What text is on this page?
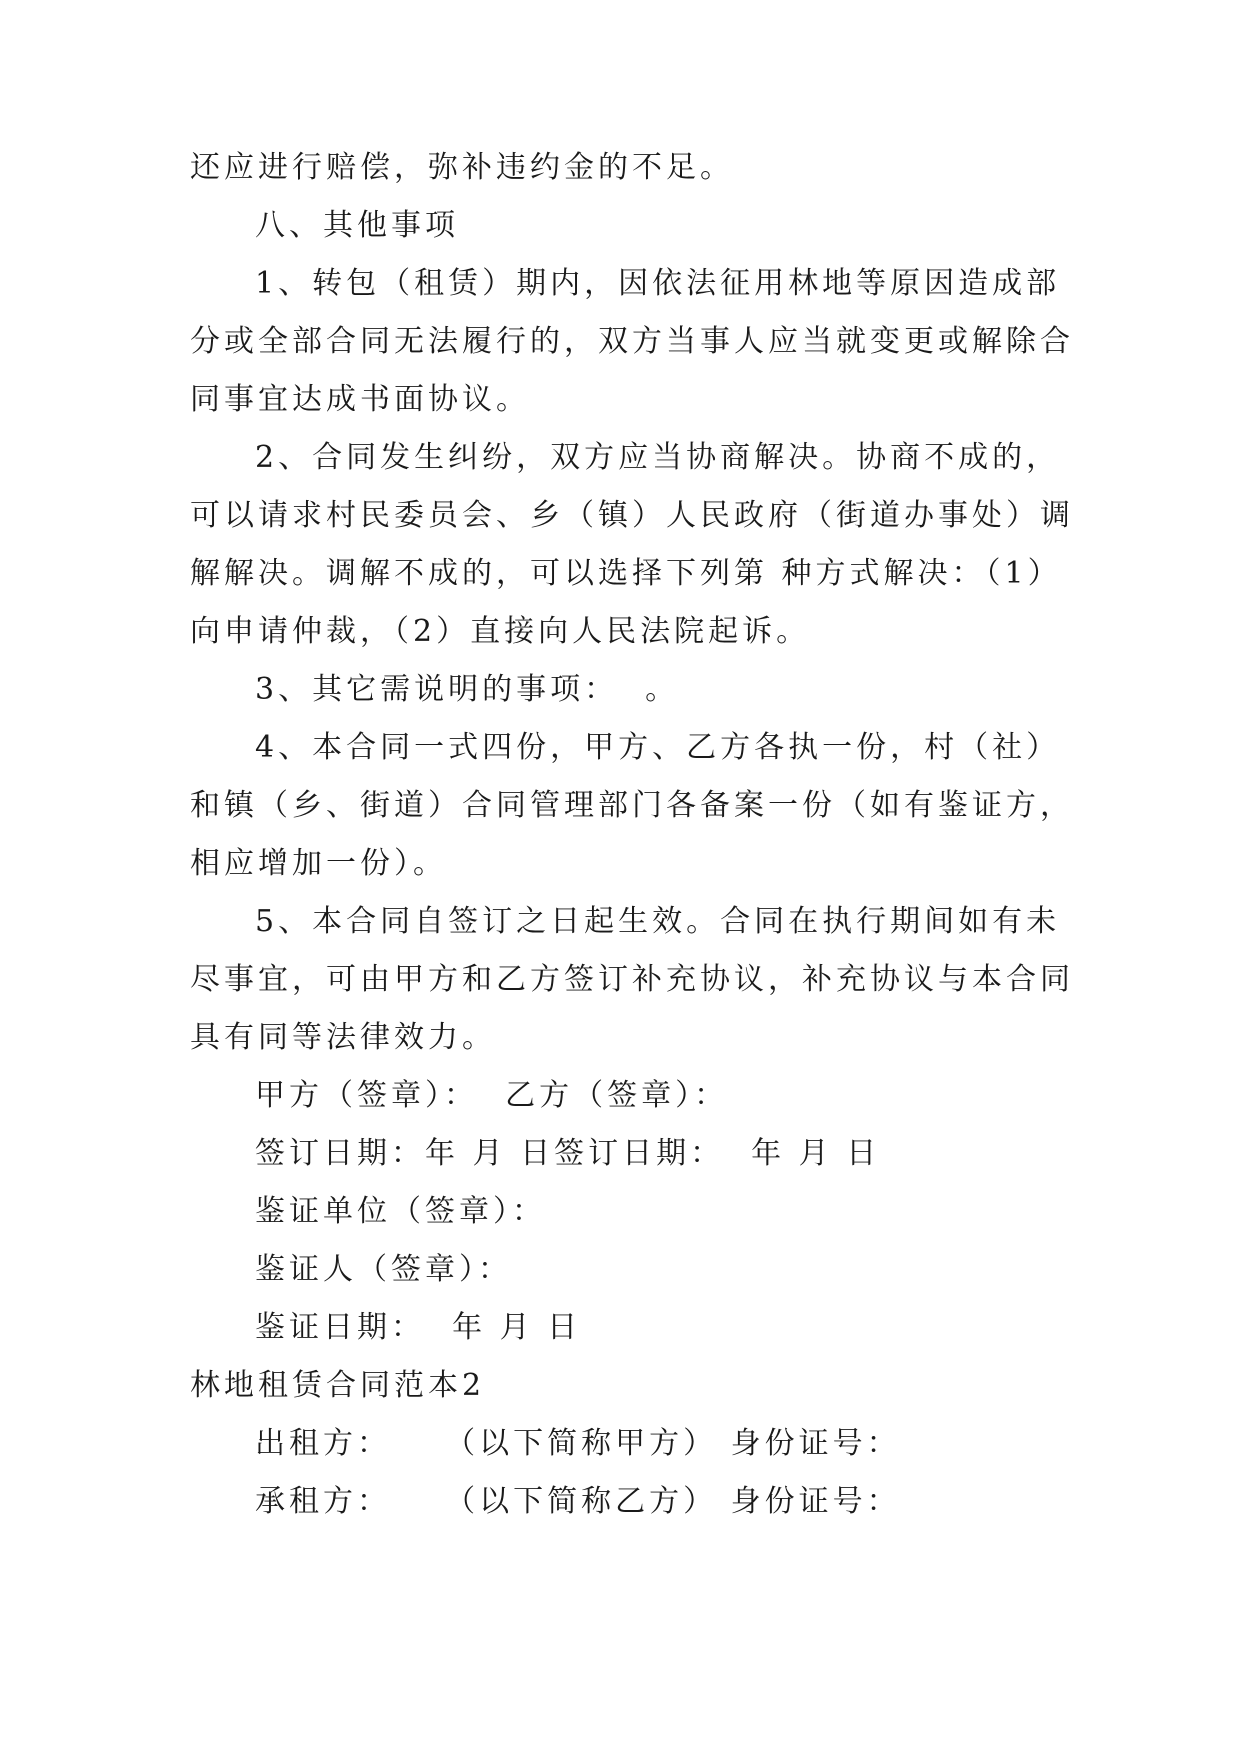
还应进行赔偿，弥补违约金的不足。
八、其他事项
1、转包（租赁）期内，因依法征用林地等原因造成部
分或全部合同无法履行的，双方当事人应当就变更或解除合
同事宜达成书面协议。
2、合同发生纠纷，双方应当协商解决。协商不成的，
可以请求村民委员会、乡（镇）人民政府（街道办事处）调
解解决。调解不成的，可以选择下列第 种方式解决：（1）
向申请仲裁，（2）直接向人民法院起诉。
3、其它需说明的事项：  。
4、本合同一式四份，甲方、乙方各执一份，村（社）
和镇（乡、街道）合同管理部门各备案一份（如有鉴证方，
相应增加一份）。
5、本合同自签订之日起生效。合同在执行期间如有未
尽事宜，可由甲方和乙方签订补充协议，补充协议与本合同
具有同等法律效力。
甲方（签章）：  乙方（签章）：
签订日期：年 月 日签订日期：  年 月 日
鉴证单位（签章）：
鉴证人（签章）：
鉴证日期：  年 月 日
林地租赁合同范本2
出租方：    （以下简称甲方） 身份证号：
承租方：    （以下简称乙方） 身份证号：
